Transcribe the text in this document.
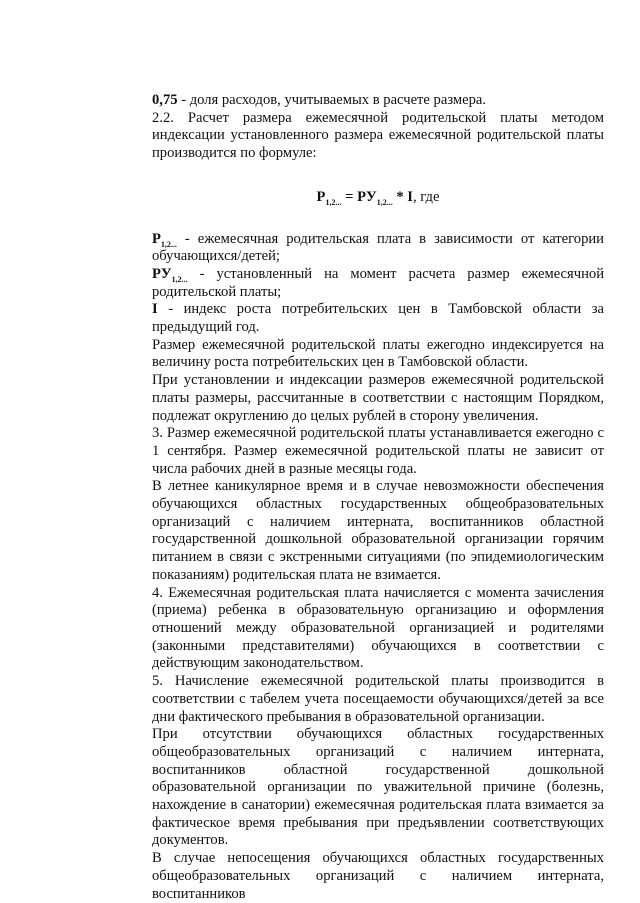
0,75 - доля расходов, учитываемых в расчете размера.

2.2. Расчет размера ежемесячной родительской платы методом индексации установленного размера ежемесячной родительской платы производится по формуле:

$P_{1,2...} = PУ_{1,2...} * I$, где

$P_{1,2...}$ - ежемесячная родительская плата в зависимости от категории обучающихся/детей;

$PУ_{1,2...}$ - установленный на момент расчета размер ежемесячной родительской платы;

I - индекс роста потребительских цен в Тамбовской области за предыдущий год.

Размер ежемесячной родительской платы ежегодно индексируется на величину роста потребительских цен в Тамбовской области.

При установлении и индексации размеров ежемесячной родительской платы размеры, рассчитанные в соответствии с настоящим Порядком, подлежат округлению до целых рублей в сторону увеличения.

3. Размер ежемесячной родительской платы устанавливается ежегодно с 1 сентября. Размер ежемесячной родительской платы не зависит от числа рабочих дней в разные месяцы года.

В летнее каникулярное время и в случае невозможности обеспечения обучающихся областных государственных общеобразовательных организаций с наличием интерната, воспитанников областной государственной дошкольной образовательной организации горячим питанием в связи с экстренными ситуациями (по эпидемиологическим показаниям) родительская плата не взимается.

4. Ежемесячная родительская плата начисляется с момента зачисления (приема) ребенка в образовательную организацию и оформления отношений между образовательной организацией и родителями (законными представителями) обучающихся в соответствии с действующим законодательством.

5. Начисление ежемесячной родительской платы производится в соответствии с табелем учета посещаемости обучающихся/детей за все дни фактического пребывания в образовательной организации.

При отсутствии обучающихся областных государственных общеобразовательных организаций с наличием интерната, воспитанников областной государственной дошкольной образовательной организации по уважительной причине (болезнь, нахождение в санатории) ежемесячная родительская плата взимается за фактическое время пребывания при предъявлении соответствующих документов.

В случае непосещения обучающихся областных государственных общеобразовательных организаций с наличием интерната, воспитанников
